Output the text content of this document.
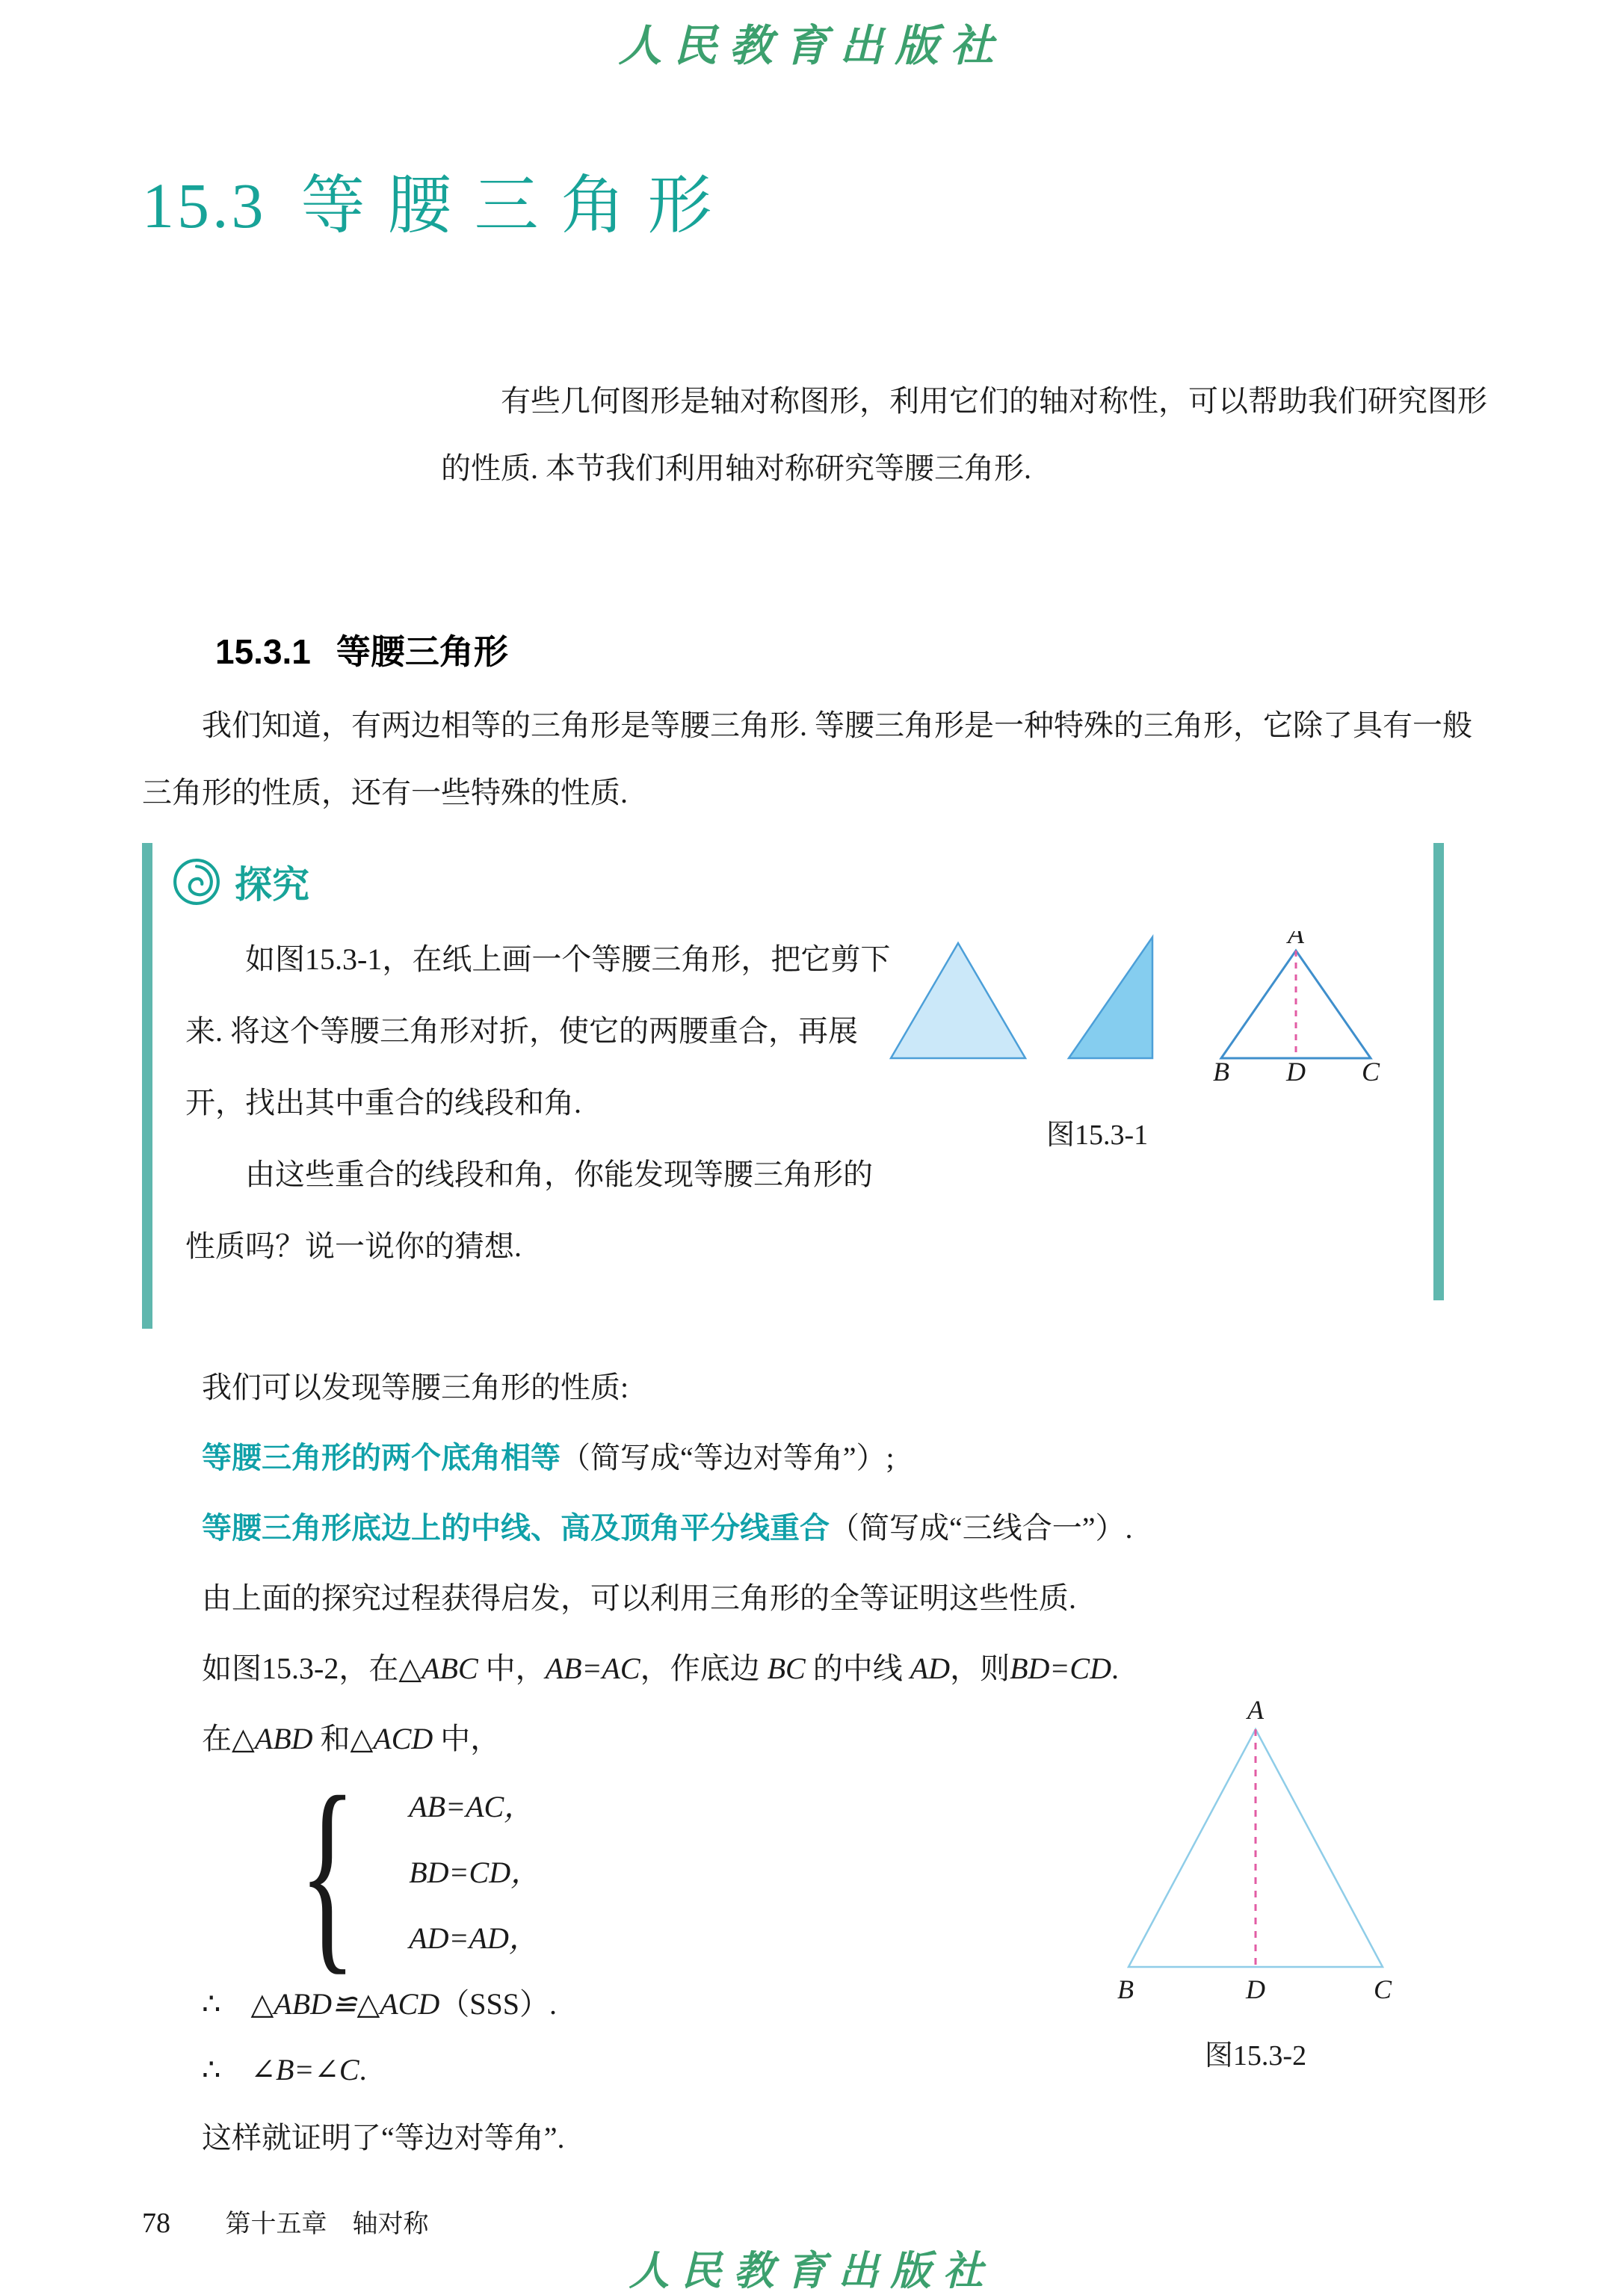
人民教育出版社
15.3 等腰三角形

有些几何图形是轴对称图形，利用它们的轴对称性，可以帮助我们研究图形的性质. 本节我们利用轴对称研究等腰三角形.

15.3.1 等腰三角形

我们知道，有两边相等的三角形是等腰三角形. 等腰三角形是一种特殊的三角形，它除了具有一般三角形的性质，还有一些特殊的性质.

探究

如图15.3-1，在纸上画一个等腰三角形，把它剪下来. 将这个等腰三角形对折，使它的两腰重合，再展开，找出其中重合的线段和角.

由这些重合的线段和角，你能发现等腰三角形的性质吗？说一说你的猜想.

A
B D C
图15.3-1
我们可以发现等腰三角形的性质:
等腰三角形的两个底角相等（简写成“等边对等角”）;
等腰三角形底边上的中线、高及顶角平分线重合（简写成“三线合一”）.
由上面的探究过程获得启发，可以利用三角形的全等证明这些性质.
如图15.3-2，在△ABC 中，AB=AC，作底边 BC 的中线 AD，则BD=CD.
在△ABD 和△ACD 中，
{ AB=AC，
BD=CD，
AD=AD，
∴　△ABD≌△ACD（SSS）.
∴　∠B=∠C.
这样就证明了“等边对等角”.
A
B	D	C
图15.3-2
78 第十五章　轴对称
人民教育出版社
